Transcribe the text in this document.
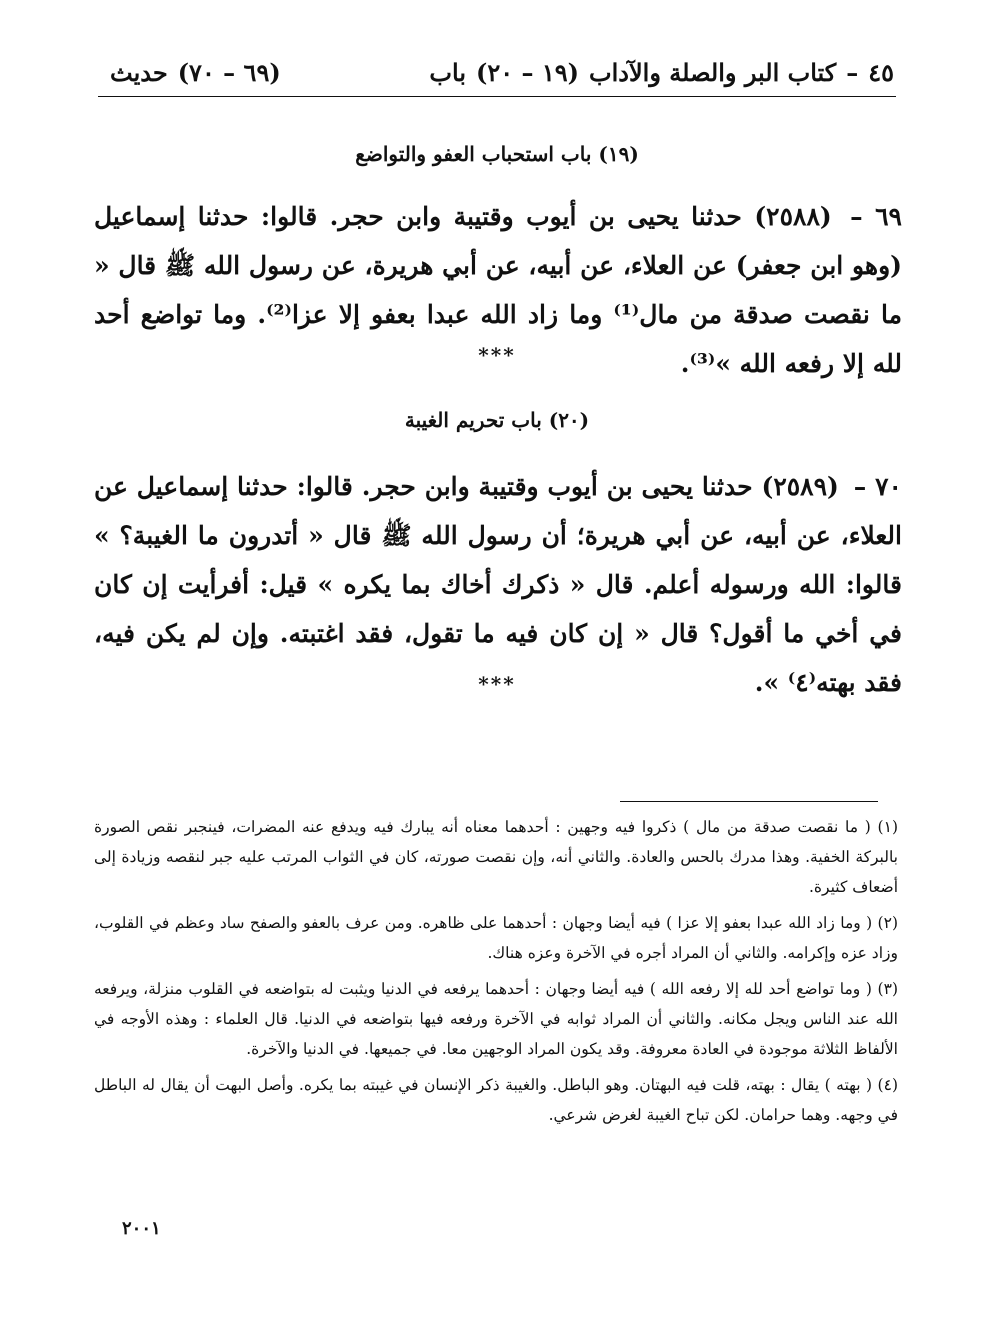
٤٥–كتاب البر والصلة والآداب(١٩ – ٢٠)باب
(٦٩ – ٧٠)حديث
(١٩) باب استحباب العفو والتواضع
٦٩ – (٢٥٨٨) حدثنا يحيى بن أيوب وقتيبة وابن حجر. قالوا: حدثنا إسماعيل (وهو ابن جعفر) عن العلاء، عن أبيه، عن أبي هريرة، عن رسول الله ﷺ قال « ما نقصت صدقة من مال⁽¹⁾ وما زاد الله عبدا بعفو إلا عزا⁽²⁾. وما تواضع أحد لله إلا رفعه الله »⁽³⁾.
***
(٢٠) باب تحريم الغيبة
٧٠ – (٢٥٨٩) حدثنا يحيى بن أيوب وقتيبة وابن حجر. قالوا: حدثنا إسماعيل عن العلاء، عن أبيه، عن أبي هريرة؛ أن رسول الله ﷺ قال « أتدرون ما الغيبة؟ » قالوا: الله ورسوله أعلم. قال « ذكرك أخاك بما يكره » قيل: أفرأيت إن كان في أخي ما أقول؟ قال « إن كان فيه ما تقول، فقد اغتبته. وإن لم يكن فيه، فقد بهته⁽٤⁾ ».
***

(١) ( ما نقصت صدقة من مال ) ذكروا فيه وجهين : أحدهما معناه أنه يبارك فيه ويدفع عنه المضرات، فينجبر نقص الصورة بالبركة الخفية. وهذا مدرك بالحس والعادة. والثاني أنه، وإن نقصت صورته، كان في الثواب المرتب عليه جبر لنقصه وزيادة إلى أضعاف كثيرة.

(٢) ( وما زاد الله عبدا بعفو إلا عزا ) فيه أيضا وجهان : أحدهما على ظاهره. ومن عرف بالعفو والصفح ساد وعظم في القلوب، وزاد عزه وإكرامه. والثاني أن المراد أجره في الآخرة وعزه هناك.

(٣) ( وما تواضع أحد لله إلا رفعه الله ) فيه أيضا وجهان : أحدهما يرفعه في الدنيا ويثبت له بتواضعه في القلوب منزلة، ويرفعه الله عند الناس ويجل مكانه. والثاني أن المراد ثوابه في الآخرة ورفعه فيها بتواضعه في الدنيا. قال العلماء : وهذه الأوجه في الألفاظ الثلاثة موجودة في العادة معروفة. وقد يكون المراد الوجهين معا. في جميعها. في الدنيا والآخرة.

(٤) ( بهته ) يقال : بهته، قلت فيه البهتان. وهو الباطل. والغيبة ذكر الإنسان في غيبته بما يكره. وأصل البهت أن يقال له الباطل في وجهه. وهما حرامان. لكن تباح الغيبة لغرض شرعي.

٢٠٠١
